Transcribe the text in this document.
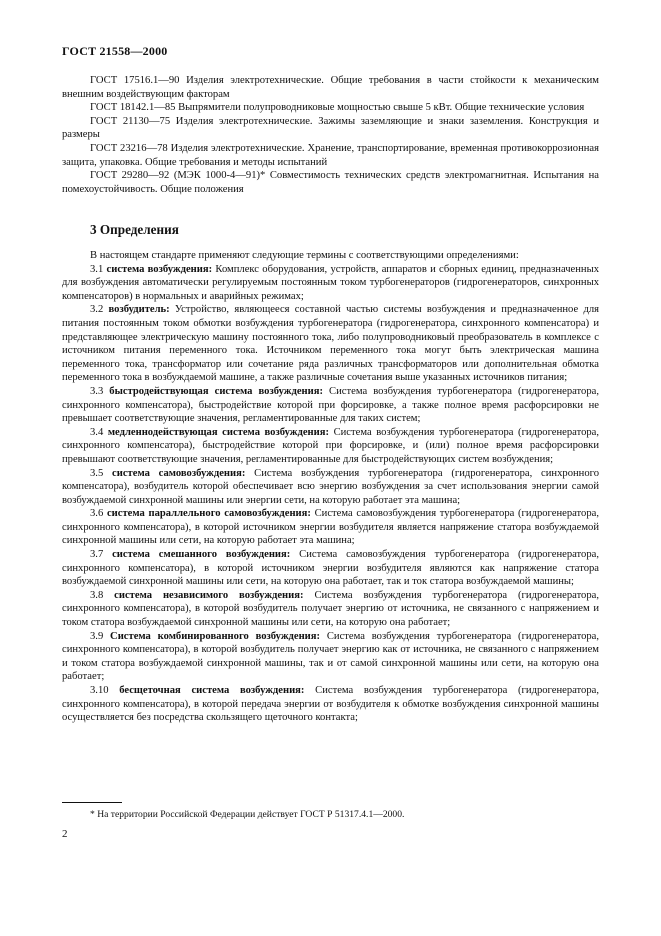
ГОСТ 21558—2000

ГОСТ 17516.1—90 Изделия электротехнические. Общие требования в части стойкости к механическим внешним воздействующим факторам

ГОСТ 18142.1—85 Выпрямители полупроводниковые мощностью свыше 5 кВт. Общие технические условия

ГОСТ 21130—75 Изделия электротехнические. Зажимы заземляющие и знаки заземления. Конструкция и размеры

ГОСТ 23216—78 Изделия электротехнические. Хранение, транспортирование, временная противокоррозионная защита, упаковка. Общие требования и методы испытаний

ГОСТ 29280—92 (МЭК 1000-4—91)* Совместимость технических средств электромагнитная. Испытания на помехоустойчивость. Общие положения

3 Определения

В настоящем стандарте применяют следующие термины с соответствующими определениями:

3.1 система возбуждения: Комплекс оборудования, устройств, аппаратов и сборных единиц, предназначенных для возбуждения автоматически регулируемым постоянным током турбогенераторов (гидрогенераторов, синхронных компенсаторов) в нормальных и аварийных режимах;

3.2 возбудитель: Устройство, являющееся составной частью системы возбуждения и предназначенное для питания постоянным током обмотки возбуждения турбогенератора (гидрогенератора, синхронного компенсатора) и представляющее электрическую машину постоянного тока, либо полупроводниковый преобразователь в комплексе с источником питания переменного тока. Источником переменного тока могут быть электрическая машина переменного тока, трансформатор или сочетание ряда различных трансформаторов или дополнительная обмотка переменного тока в возбуждаемой машине, а также различные сочетания выше указанных источников питания;

3.3 быстродействующая система возбуждения: Система возбуждения турбогенератора (гидрогенератора, синхронного компенсатора), быстродействие которой при форсировке, а также полное время расфорсировки не превышает соответствующие значения, регламентированные для таких систем;

3.4 медленнодействующая система возбуждения: Система возбуждения турбогенератора (гидрогенератора, синхронного компенсатора), быстродействие которой при форсировке, и (или) полное время расфорсировки превышают соответствующие значения, регламентированные для быстродействующих систем возбуждения;

3.5 система самовозбуждения: Система возбуждения турбогенератора (гидрогенератора, синхронного компенсатора), возбудитель которой обеспечивает всю энергию возбуждения за счет использования энергии самой возбуждаемой синхронной машины или энергии сети, на которую работает эта машина;

3.6 система параллельного самовозбуждения: Система самовозбуждения турбогенератора (гидрогенератора, синхронного компенсатора), в которой источником энергии возбудителя является напряжение статора возбуждаемой синхронной машины или сети, на которую работает эта машина;

3.7 система смешанного возбуждения: Система самовозбуждения турбогенератора (гидрогенератора, синхронного компенсатора), в которой источником энергии возбудителя являются как напряжение статора возбуждаемой синхронной машины или сети, на которую она работает, так и ток статора возбуждаемой машины;

3.8 система независимого возбуждения: Система возбуждения турбогенератора (гидрогенератора, синхронного компенсатора), в которой возбудитель получает энергию от источника, не связанного с напряжением и током статора возбуждаемой синхронной машины или сети, на которую она работает;

3.9 Система комбинированного возбуждения: Система возбуждения турбогенератора (гидрогенератора, синхронного компенсатора), в которой возбудитель получает энергию как от источника, не связанного с напряжением и током статора возбуждаемой синхронной машины, так и от самой синхронной машины или сети, на которую она работает;

3.10 бесщеточная система возбуждения: Система возбуждения турбогенератора (гидрогенератора, синхронного компенсатора), в которой передача энергии от возбудителя к обмотке возбуждения синхронной машины осуществляется без посредства скользящего щеточного контакта;

* На территории Российской Федерации действует ГОСТ Р 51317.4.1—2000.
2
